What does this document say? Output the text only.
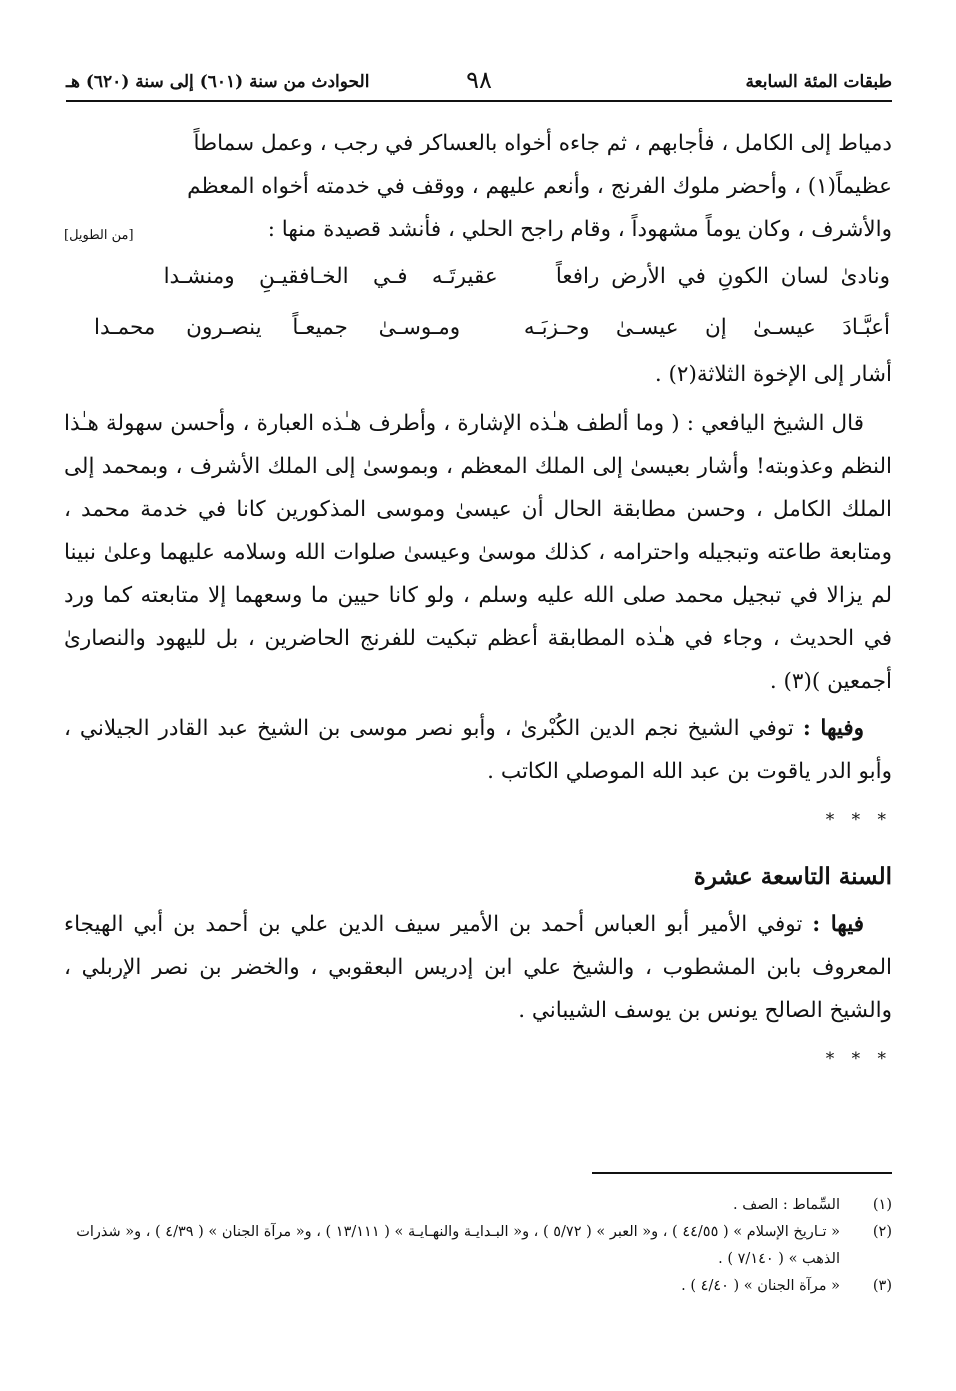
طبقات المئة السابعة
٩٨
الحوادث من سنة (٦٠١) إلى سنة (٦٢٠) هـ

دمياط إلى الكامل ، فأجابهم ، ثم جاءه أخواه بالعساكر في رجب ، وعمل سماطاً

عظيماً(١) ، وأحضر ملوك الفرنج ، وأنعم عليهم ، ووقف في خدمته أخواه المعظم

[من الطويل]	والأشرف ، وكان يوماً مشهوداً ، وقام راجح الحلي ، فأنشد قصيدة منها :

ونادىٰ لسان الكونِ في الأرض رافعاً
عقيرتَـه فـي الخـافقيـنِ ومنشـدا
أعبَّـادَ عيسـىٰ إن عيسـىٰ وحـزبَـه
ومـوسـىٰ جميعـاً ينصـرون محمـدا

أشار إلى الإخوة الثلاثة(٢) .

قال الشيخ اليافعي : ( وما ألطف هـٰذه الإشارة ، وأطرف هـٰذه العبارة ، وأحسن سهولة هـٰذا النظم وعذوبته! وأشار بعيسىٰ إلى الملك المعظم ، وبموسىٰ إلى الملك الأشرف ، وبمحمد إلى الملك الكامل ، وحسن مطابقة الحال أن عيسىٰ وموسى المذكورين كانا في خدمة محمد ، ومتابعة طاعته وتبجيله واحترامه ، كذلك موسىٰ وعيسىٰ صلوات الله وسلامه عليهما وعلىٰ نبينا لم يزالا في تبجيل محمد صلى الله عليه وسلم ، ولو كانا حيين ما وسعهما إلا متابعته كما ورد في الحديث ، وجاء في هـٰذه المطابقة أعظم تبكيت للفرنج الحاضرين ، بل لليهود والنصارىٰ أجمعين )(٣) .

وفيها : توفي الشيخ نجم الدين الكُبْرىٰ ، وأبو نصر موسى بن الشيخ عبد القادر الجيلاني ، وأبو الدر ياقوت بن عبد الله الموصلي الكاتب .

* * *
السنة التاسعة عشرة

فيها : توفي الأمير أبو العباس أحمد بن الأمير سيف الدين علي بن أحمد بن أبي الهيجاء المعروف بابن المشطوب ، والشيخ علي ابن إدريس البعقوبي ، والخضر بن نصر الإربلي ، والشيخ الصالح يونس بن يوسف الشيباني .

* * *
(١)
السِّماط : الصف .
(٢)
« تـاريخ الإسلام » ( ٤٤/٥٥ ) ، و« العبر » ( ٥/٧٢ ) ، و« البـدايـة والنهـايـة » ( ١٣/١١١ ) ، و« مرآة الجنان » ( ٤/٣٩ ) ، و« شذرات الذهب » ( ٧/١٤٠ ) .
(٣)
« مرآة الجنان » ( ٤/٤٠ ) .
